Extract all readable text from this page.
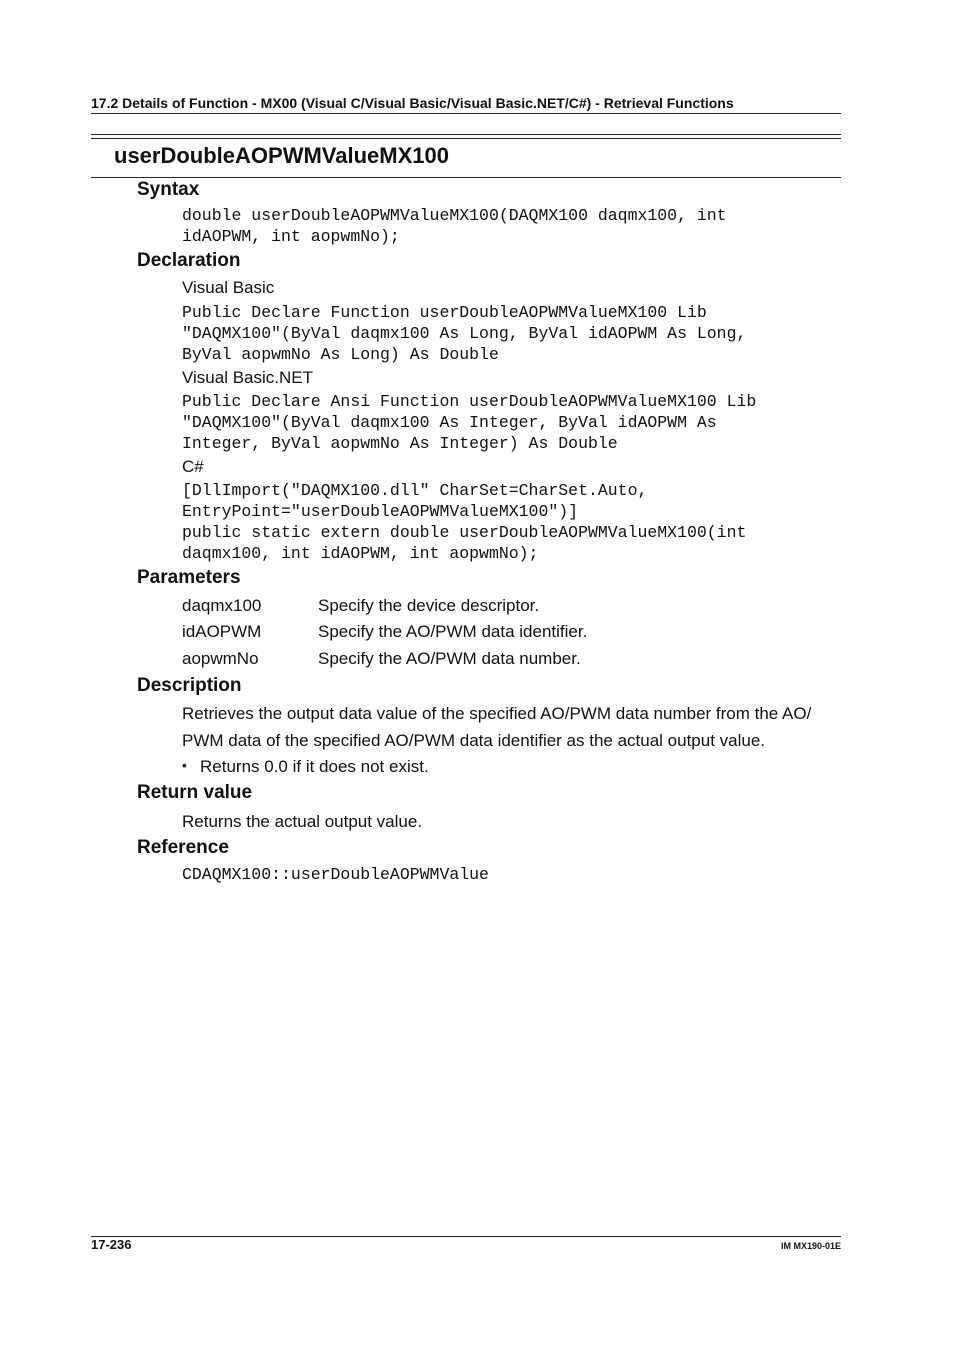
17.2 Details of Function - MX00 (Visual C/Visual Basic/Visual Basic.NET/C#) - Retrieval Functions
userDoubleAOPWMValueMX100
Syntax
double userDoubleAOPWMValueMX100(DAQMX100 daqmx100, int
idAOPWM, int aopwmNo);
Declaration
Visual Basic
Public Declare Function userDoubleAOPWMValueMX100 Lib
"DAQMX100"(ByVal daqmx100 As Long, ByVal idAOPWM As Long,
ByVal aopwmNo As Long) As Double
Visual Basic.NET
Public Declare Ansi Function userDoubleAOPWMValueMX100 Lib
"DAQMX100"(ByVal daqmx100 As Integer, ByVal idAOPWM As
Integer, ByVal aopwmNo As Integer) As Double
C#
[DllImport("DAQMX100.dll" CharSet=CharSet.Auto,
EntryPoint="userDoubleAOPWMValueMX100")]
public static extern double userDoubleAOPWMValueMX100(int
daqmx100, int idAOPWM, int aopwmNo);
Parameters
daqmx100	Specify the device descriptor.
idAOPWM	Specify the AO/PWM data identifier.
aopwmNo	Specify the AO/PWM data number.
Description
Retrieves the output data value of the specified AO/PWM data number from the AO/
PWM data of the specified AO/PWM data identifier as the actual output value.
• Returns 0.0 if it does not exist.
Return value
Returns the actual output value.
Reference
CDAQMX100::userDoubleAOPWMValue
17-236	IM MX190-01E
